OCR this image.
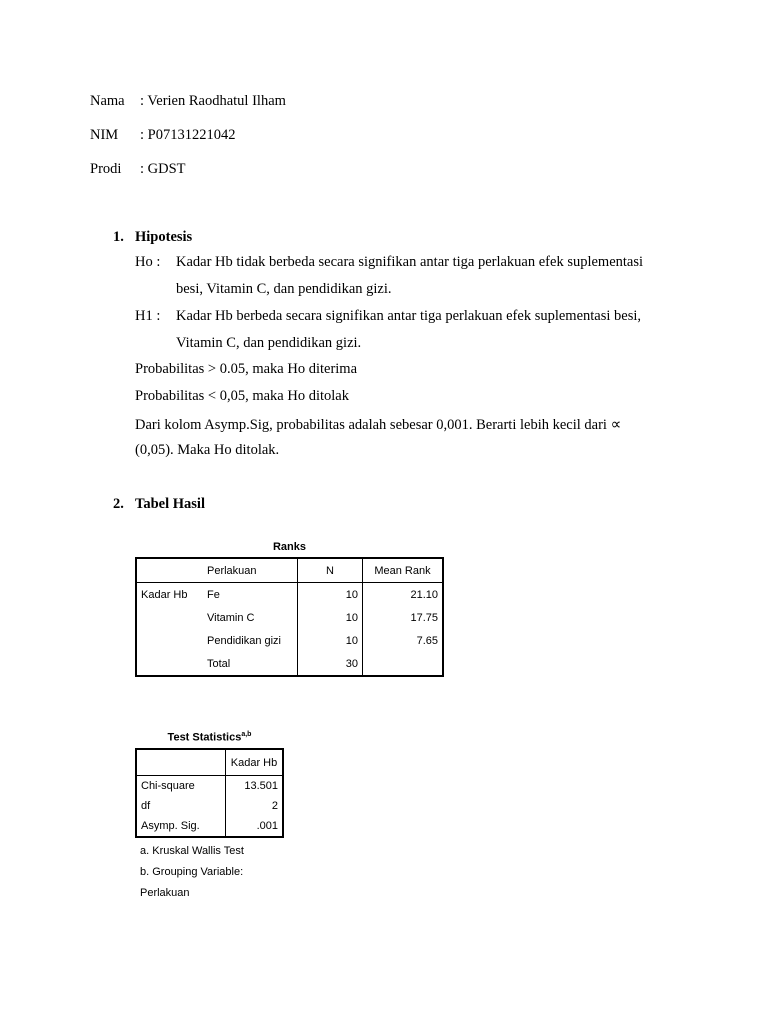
Nama : Verien Raodhatul Ilham
NIM : P07131221042
Prodi : GDST
1. Hipotesis
Ho :	Kadar Hb tidak berbeda secara signifikan antar tiga perlakuan efek suplementasi
besi, Vitamin C, dan pendidikan gizi.
H1 :	Kadar Hb berbeda secara signifikan antar tiga perlakuan efek suplementasi besi,
Vitamin C, dan pendidikan gizi.
Probabilitas > 0.05, maka Ho diterima
Probabilitas < 0,05, maka Ho ditolak
Dari kolom Asymp.Sig, probabilitas adalah sebesar 0,001. Berarti lebih kecil dari ∝
(0,05). Maka Ho ditolak.
2. Tabel Hasil
Ranks
	Perlakuan	N	Mean Rank
Kadar Hb	Fe	10	21.10
	Vitamin C	10	17.75
	Pendidikan gizi	10	7.65
	Total	30	
Test Statistics$^{a,b}$
	Kadar Hb
Chi-square	13.501
df	2
Asymp. Sig.	.001
a. Kruskal Wallis Test
b. Grouping Variable:
Perlakuan
